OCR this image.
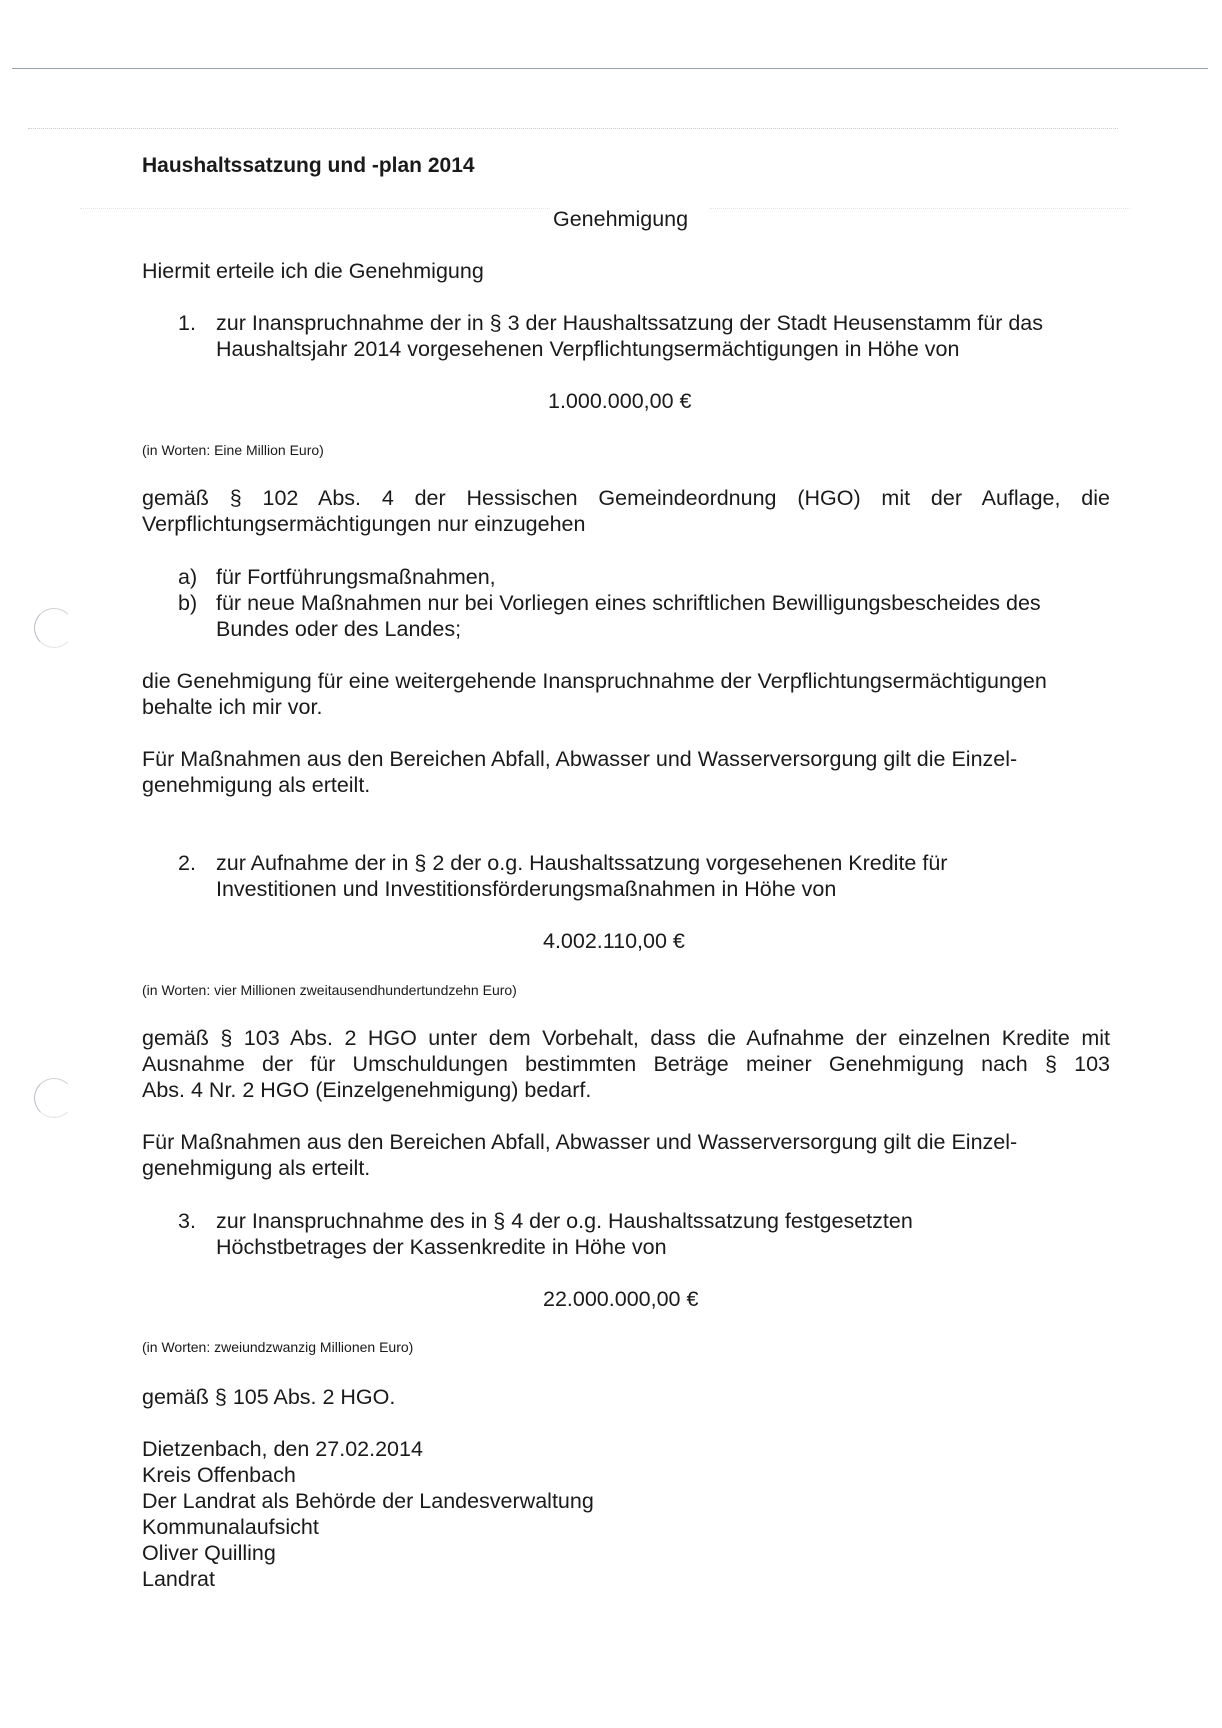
Haushaltssatzung und -plan 2014
Genehmigung
Hiermit erteile ich die Genehmigung
1. zur Inanspruchnahme der in § 3 der Haushaltssatzung der Stadt Heusenstamm für das
Haushaltsjahr 2014 vorgesehenen Verpflichtungsermächtigungen in Höhe von
1.000.000,00 €
(in Worten: Eine Million Euro)
gemäß § 102 Abs. 4 der Hessischen Gemeindeordnung (HGO) mit der Auflage, die
Verpflichtungsermächtigungen nur einzugehen
a) für Fortführungsmaßnahmen,
b) für neue Maßnahmen nur bei Vorliegen eines schriftlichen Bewilligungsbescheides des
Bundes oder des Landes;
die Genehmigung für eine weitergehende Inanspruchnahme der Verpflichtungsermächtigungen
behalte ich mir vor.
Für Maßnahmen aus den Bereichen Abfall, Abwasser und Wasserversorgung gilt die Einzel-
genehmigung als erteilt.
2. zur Aufnahme der in § 2 der o.g. Haushaltssatzung vorgesehenen Kredite für
Investitionen und Investitionsförderungsmaßnahmen in Höhe von
4.002.110,00 €
(in Worten: vier Millionen zweitausendhundertundzehn Euro)
gemäß § 103 Abs. 2 HGO unter dem Vorbehalt, dass die Aufnahme der einzelnen Kredite mit
Ausnahme der für Umschuldungen bestimmten Beträge meiner Genehmigung nach § 103
Abs. 4 Nr. 2 HGO (Einzelgenehmigung) bedarf.
Für Maßnahmen aus den Bereichen Abfall, Abwasser und Wasserversorgung gilt die Einzel-
genehmigung als erteilt.
3. zur Inanspruchnahme des in § 4 der o.g. Haushaltssatzung festgesetzten
Höchstbetrages der Kassenkredite in Höhe von
22.000.000,00 €
(in Worten: zweiundzwanzig Millionen Euro)
gemäß § 105 Abs. 2 HGO.
Dietzenbach, den 27.02.2014
Kreis Offenbach
Der Landrat als Behörde der Landesverwaltung
Kommunalaufsicht
Oliver Quilling
Landrat
